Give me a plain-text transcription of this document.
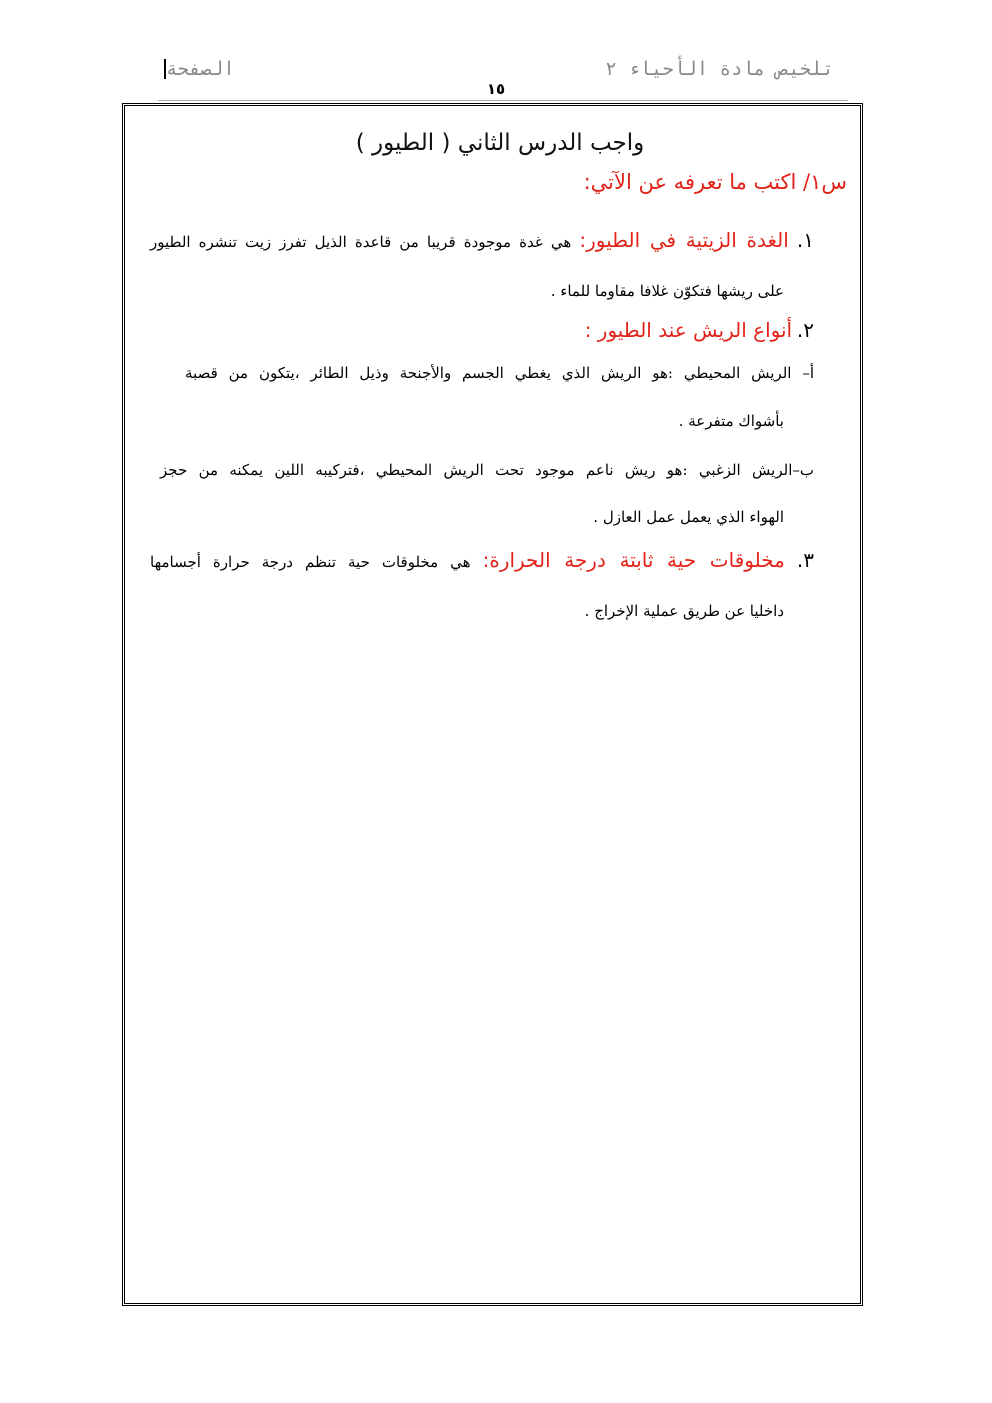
تلخيص مادة الأحياء ٢
الصفحة
١٥
واجب الدرس الثاني ( الطيور )
س١/ اكتب ما تعرفه عن الآتي:
١. الغدة الزيتية في الطيور: هي غدة موجودة قريبا من قاعدة الذيل تفرز زيت تنشره الطيور
على ريشها فتكوّن غلافا مقاوما للماء .
٢. أنواع الريش عند الطيور :
أ– الريش المحيطي :هو الريش الذي يغطي الجسم والأجنحة وذيل الطائر ،يتكون من قصبة
بأشواك متفرعة .
ب–الريش الزغبي :هو ريش ناعم موجود تحت الريش المحيطي ،فتركيبه اللين يمكنه من حجز
الهواء الذي يعمل عمل العازل .
٣. مخلوقات حية ثابتة درجة الحرارة: هي مخلوقات حية تنظم درجة حرارة أجسامها
داخليا عن طريق عملية الإخراج .
